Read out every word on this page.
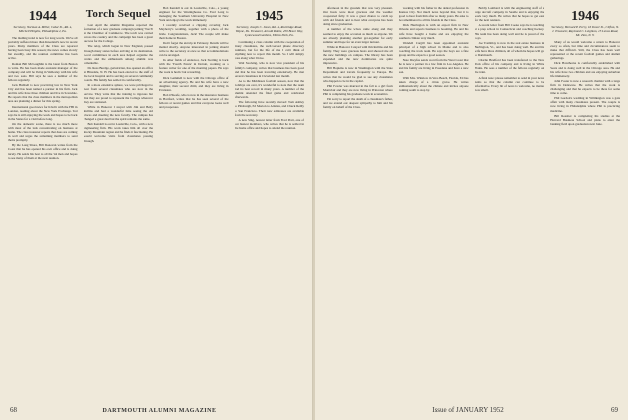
1944
Secretary, Norman A. Miller, Cedar St., Rd. 4, Mitchell Heights, Philadelphia 2, Pa.

The mailing trend is now for long words. We've all probably suffered more than Kneeland's now in recent years. Many members of the Class are reported having been busy this season; the news comes slowly but steadily, and the reunion committee has been active.

Roman Bill McLaughlin is the latest from Boston to write. He has been made assistant manager of the company and will be living in Wellesley with his wife and two sons. Bill says he sees a number of the fellows regularly.

Jack Hubbell is now practicing law in New York City and has been named a partner in his firm. Jack and his wife have three children and live in Scarsdale. He reports that the class members in the metropolitan area are planning a dinner for this spring.

International good news for Kiwi'n with the FBI in London, reading about the New York Exchange. Ted says he is still enjoying the work and hopes to be back in the States for a visit before long.

On the domestic scene, there is too much more with most of the lads concentrating on business at home. The class treasurer reports that dues are coming in well and urges the remaining members to send theirs promptly.

By the Long Shore, Bill Donovan writes from the Coast that he has opened his own office and is doing nicely. He sends his best to all the '44 men and hopes to see many of them at the next reunion.

Torch Sequel

Last April the Alumni Magazine reported the formation of a new graduate campaign joining 'Torch' in the Chamber of Commerce. The torch was carried across the country and the campaign has been a great success for the College.

The relay, which began in New England, passed through many states before arriving at its destination. Local committees in each area helped organize the events and the enthusiasm among alumni was remarkable.

Dr. Ross Burdge, geriatrician, has opened an office in Hinsdale, N. H. He has been elected to the staff of the local hospital and is serving on several community boards. His family has settled in comfortably.

In a more extensive sphere, we were privileged to hear from several classmates who are now in the service. They write that the training is rigorous but that they are proud to represent the College wherever they are stationed.

While in Hanover I stayed with Jim and Betty Rollins and had a wonderful time seeing the old places and meeting the new faculty. The campus has changed a great deal but the spirit remains the same.

Bob Kendall is out in Louisville, Colo., with a new engineering firm. His work takes him all over the Rocky Mountain region and he finds it fascinating. He would welcome visits from classmates passing through.

Bob Kendall is out in Louisville, Colo., a young engineer for the Westinghouse Co. Fred Long is managing the Southern University Hospital in New York and enjoys the work immensely.

I recently received a clipping covering Jack Mayberry's wedding, together with a photo of the bride. Congratulations, Jack! The couple will make their home in Boston.

Don't forget the ski trip in February. Details will be mailed shortly. Anyone interested in joining should write to the secretary at once so that accommodations can be arranged.

In other fields of endeavor, Jack Sterling is back with the 'Fourth Estate' in Detroit, working as a feature writer for one of the morning papers. He says the work is hectic but rewarding.

Dick Gemmell is now with the Chicago office of an advertising agency. He and his wife have a new daughter, their second child, and they are living in Evanston.

Bob O'Keefe, who is now in the insurance business in Hartford, writes that he has seen several of the fellows at recent games and that everyone looks well and prosperous.

1945
Secretary, Joseph C. Jones, Rd. 4, Rockridge Road, Wayne, Pa. Treasurer, Arnold Robie, 450 Brace Way, Lynnewood Gardens, Elkins Park, Pa.

Continuing a class column with the cooperation of many classmates, the well-versed phone directory numbers, but for the life of me I can't think of anything new to report this month. So I will simply pass along what I have.

Walt Stocking, who is now vice president of his family's company, writes that business has been good and that he has been traveling extensively. He met several classmates in Cleveland last month.

As to the Middlesex football season, now that the holidays are over, it's wonderful to note that the team had its best record in many years. A number of the alumni attended the final game and celebrated afterwards.

The following have recently moved: Tom Ashley to Pittsburgh, Ed Morton to Atlanta, and Chuck Reilly to San Francisco. Their new addresses are available from the secretary.

A new Sing, newest letter from Fred Pratt, one of our busiest members, who writes that he is settled in the home office and hopes to attend the reunion.

68	DARTMOUTH ALUMNI MAGAZINE

afternoon in the grounds that was very pleasant. Our hosts were most gracious and the weather cooperated fully. It was a great chance to catch up with old friends and to hear what everyone has been doing since graduation.

A number of the wives came along and they seemed to enjoy the occasion as much as anyone. We are already planning another get-together for early summer and hope for an even larger turnout.

While in Hanover I stayed with Jim Rollins and his family. They were gracious hosts and showed me all the new buildings on campus. The library has been expanded and the new dormitories are quite impressive.

Bill Hopkins is now in Washington with the State Department and travels frequently to Europe. He writes that he would be glad to see any classmates who happen to be in the capital.

Phil Fowler was married in the fall to a girl from Montclair and they are now living in Princeton where Phil is completing his graduate work in economics.

I'm sorry to report the death of a classmate's father, and we extend our deepest sympathy to him and his family on behalf of the Class.

working with his father in the dental profession in Kansas City. Not much news beyond that, but it is good to hear from him after so many years. He asks to be remembered to all his friends in the Class.

Dick Harrington is with an export firm in New Orleans and reports business is booming. He and his wife have bought a home and are enjoying the southern climate very much.

Wendell Cargill has been appointed assistant principal of a high school in Maine and is also coaching the track team. He says the boys are a fine group and he expects a good season.

Nate Dreyfus sends word from the West Coast that he is now a partner in a law firm in Los Angeles. He and his family are living in Pasadena and have a new son.

With Mrs. Winslow in Vero Beach, Florida, Ed has taken charge of a citrus grove. He writes enthusiastically about the climate and invites anyone coming south to stop by.

Bobby Lombard is with the engineering staff of a large aircraft company in Seattle and is enjoying the work very much. He writes that he hopes to get east for the next reunion.

A recent letter from Bill Cooke says he is teaching at a prep school in Connecticut and coaching hockey. His team has been doing well and he is proud of the boys.

Joe Tremblay is now in the real estate business in Burlington, Vt., and has been doing well. He and his wife have three children, all of whom he hopes will go to Dartmouth.

Charlie Bradford has been transferred to the New York office of his company and is living in White Plains. He sees a number of the fellows regularly on the train.

A final note: please remember to send in your news items so that the column can continue to be informative. Every bit of news is welcome, no matter how small.

1946
Secretary, Bernard P. Perry, 16 Dover St., Clifton, N. J. Treasurer, Raymond C. Leighton, 15 Lenox Road, Mt. Zion, N. Y.

Many of us would welcome a return to Hanover every so often, but time and circumstances seem to make that difficult. Still, the Class has been well represented at the recent football games and alumni gatherings.

Dick Hawthorne is comfortably established with Sears and is doing well in the Chicago area. He and his wife have two children and are enjoying suburban life immensely.

John Foster is now a research chemist with a large firm in Delaware. He writes that the work is challenging and that he expects to be there for some time to come.

Phil Gordon's wedding in Wilmington was a gala affair with many classmates present. The couple is now living in Philadelphia where Phil is practicing medicine.

Bill Rossiter is completing his studies at the Harvard Business School and plans to enter the banking field upon graduation next June.

Issue of JANUARY 1952	69
